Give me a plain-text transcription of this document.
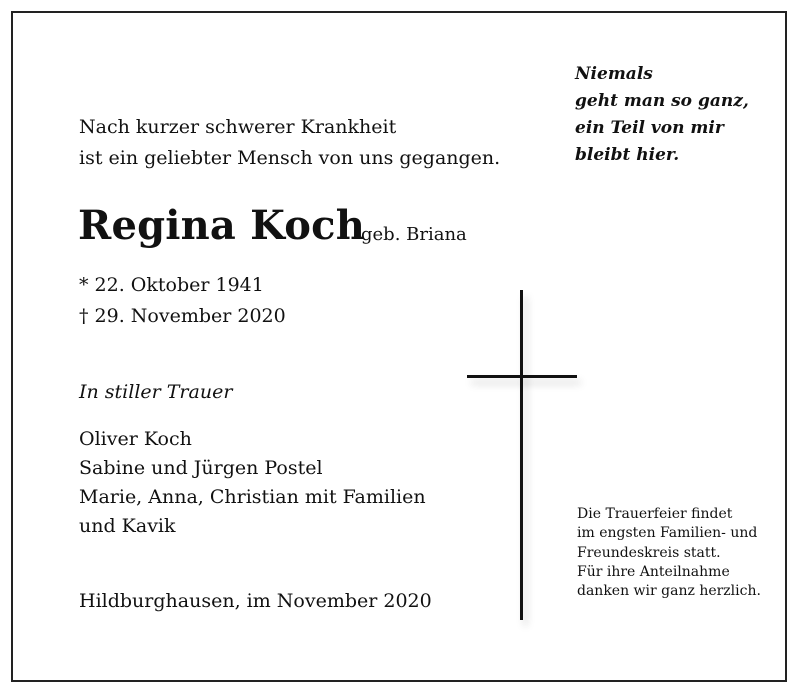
Nach kurzer schwerer Krankheit
ist ein geliebter Mensch von uns gegangen.
Niemals
geht man so ganz,
ein Teil von mir
bleibt hier.
Regina Koch
geb. Briana
* 22. Oktober 1941
† 29. November 2020
In stiller Trauer
Oliver Koch
Sabine und Jürgen Postel
Marie, Anna, Christian mit Familien
und Kavik
Hildburghausen, im November 2020
Die Trauerfeier findet
im engsten Familien- und
Freundeskreis statt.
Für ihre Anteilnahme
danken wir ganz herzlich.
